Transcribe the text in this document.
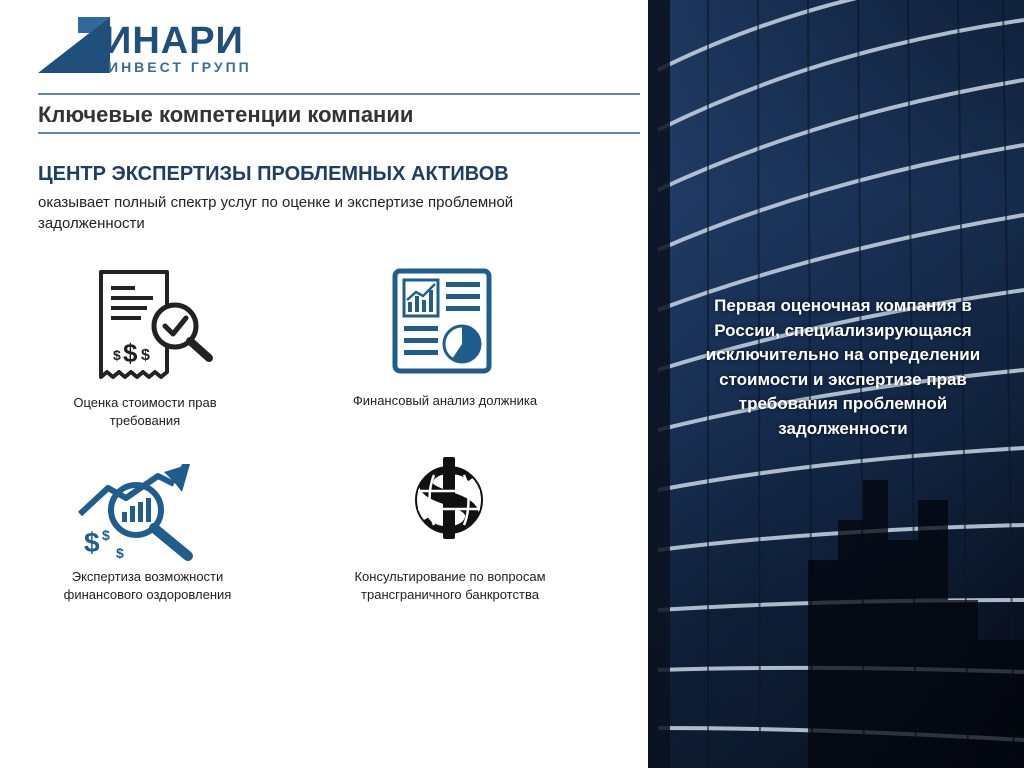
ИНАРИ
ИНВЕСТ ГРУПП
Ключевые компетенции компании
ЦЕНТР ЭКСПЕРТИЗЫ ПРОБЛЕМНЫХ АКТИВОВ
оказывает полный спектр услуг по оценке и экспертизе проблемной задолженности
$ $ $
Оценка стоимости прав требования
Финансовый анализ должника
$ $
$
Экспертиза возможности финансового оздоровления
Консультирование по вопросам трансграничного банкротства
Первая оценочная компания в России, специализирующаяся исключительно на определении стоимости и экспертизе прав требования проблемной задолженности
